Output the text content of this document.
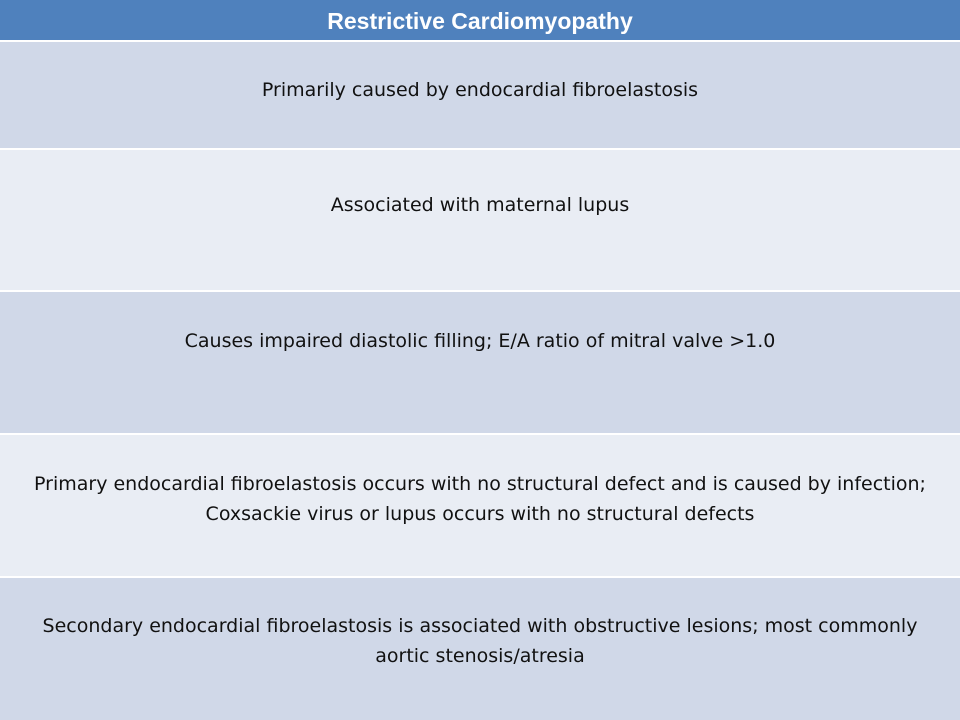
Restrictive Cardiomyopathy
Primarily caused by endocardial fibroelastosis
Associated with maternal lupus
Causes impaired diastolic filling; E/A ratio of mitral valve >1.0
Primary endocardial fibroelastosis occurs with no structural defect and is caused by infection; Coxsackie virus or lupus occurs with no structural defects
Secondary endocardial fibroelastosis is associated with obstructive lesions; most commonly aortic stenosis/atresia
